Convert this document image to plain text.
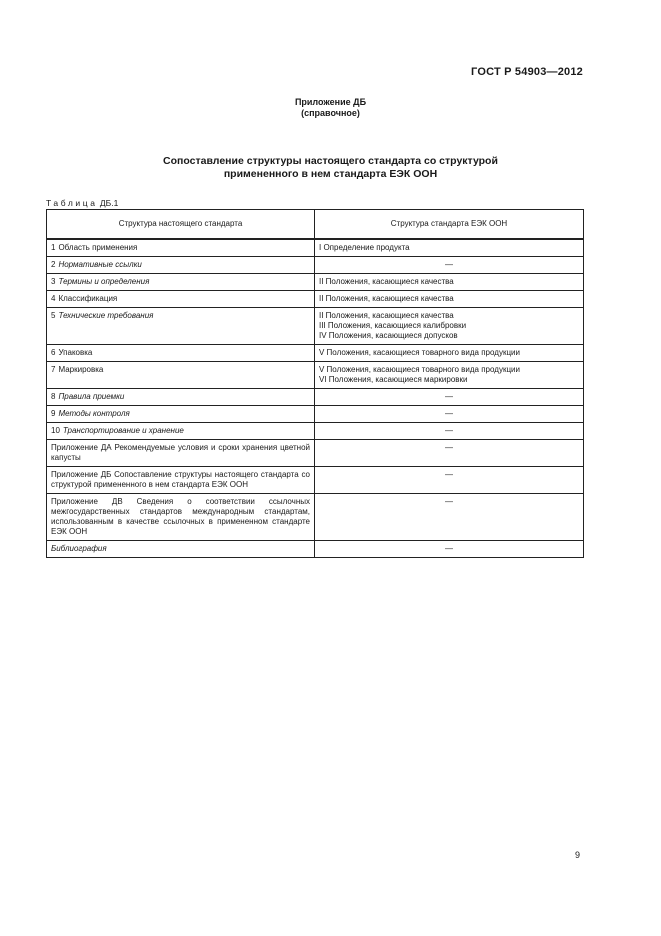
ГОСТ Р 54903—2012
Приложение ДБ
(справочное)
Сопоставление структуры настоящего стандарта со структурой
примененного в нем стандарта ЕЭК ООН
Таблица ДБ.1
Структура настоящего стандарта	Структура стандарта ЕЭК ООН
1 Область применения	I Определение продукта

2 Нормативные ссылки	—

3 Термины и определения	II Положения, касающиеся качества

4 Классификация	II Положения, касающиеся качества

5 Технические требования	II Положения, касающиеся качества
III Положения, касающиеся калибровки
IV Положения, касающиеся допусков

6 Упаковка	V Положения, касающиеся товарного вида продукции

7 Маркировка	V Положения, касающиеся товарного вида продукции
VI Положения, касающиеся маркировки

8 Правила приемки	—

9 Методы контроля	—

10 Транспортирование и хранение	—

Приложение ДА Рекомендуемые условия и сроки хранения цветной капусты	—

Приложение ДБ Сопоставление структуры настоящего стандарта со структурой примененного в нем стандарта ЕЭК ООН	—

Приложение ДВ Сведения о соответствии ссылочных межгосударственных стандартов международным стандартам, использованным в качестве ссылочных в примененном стандарте ЕЭК ООН	—

Библиография	—
9
